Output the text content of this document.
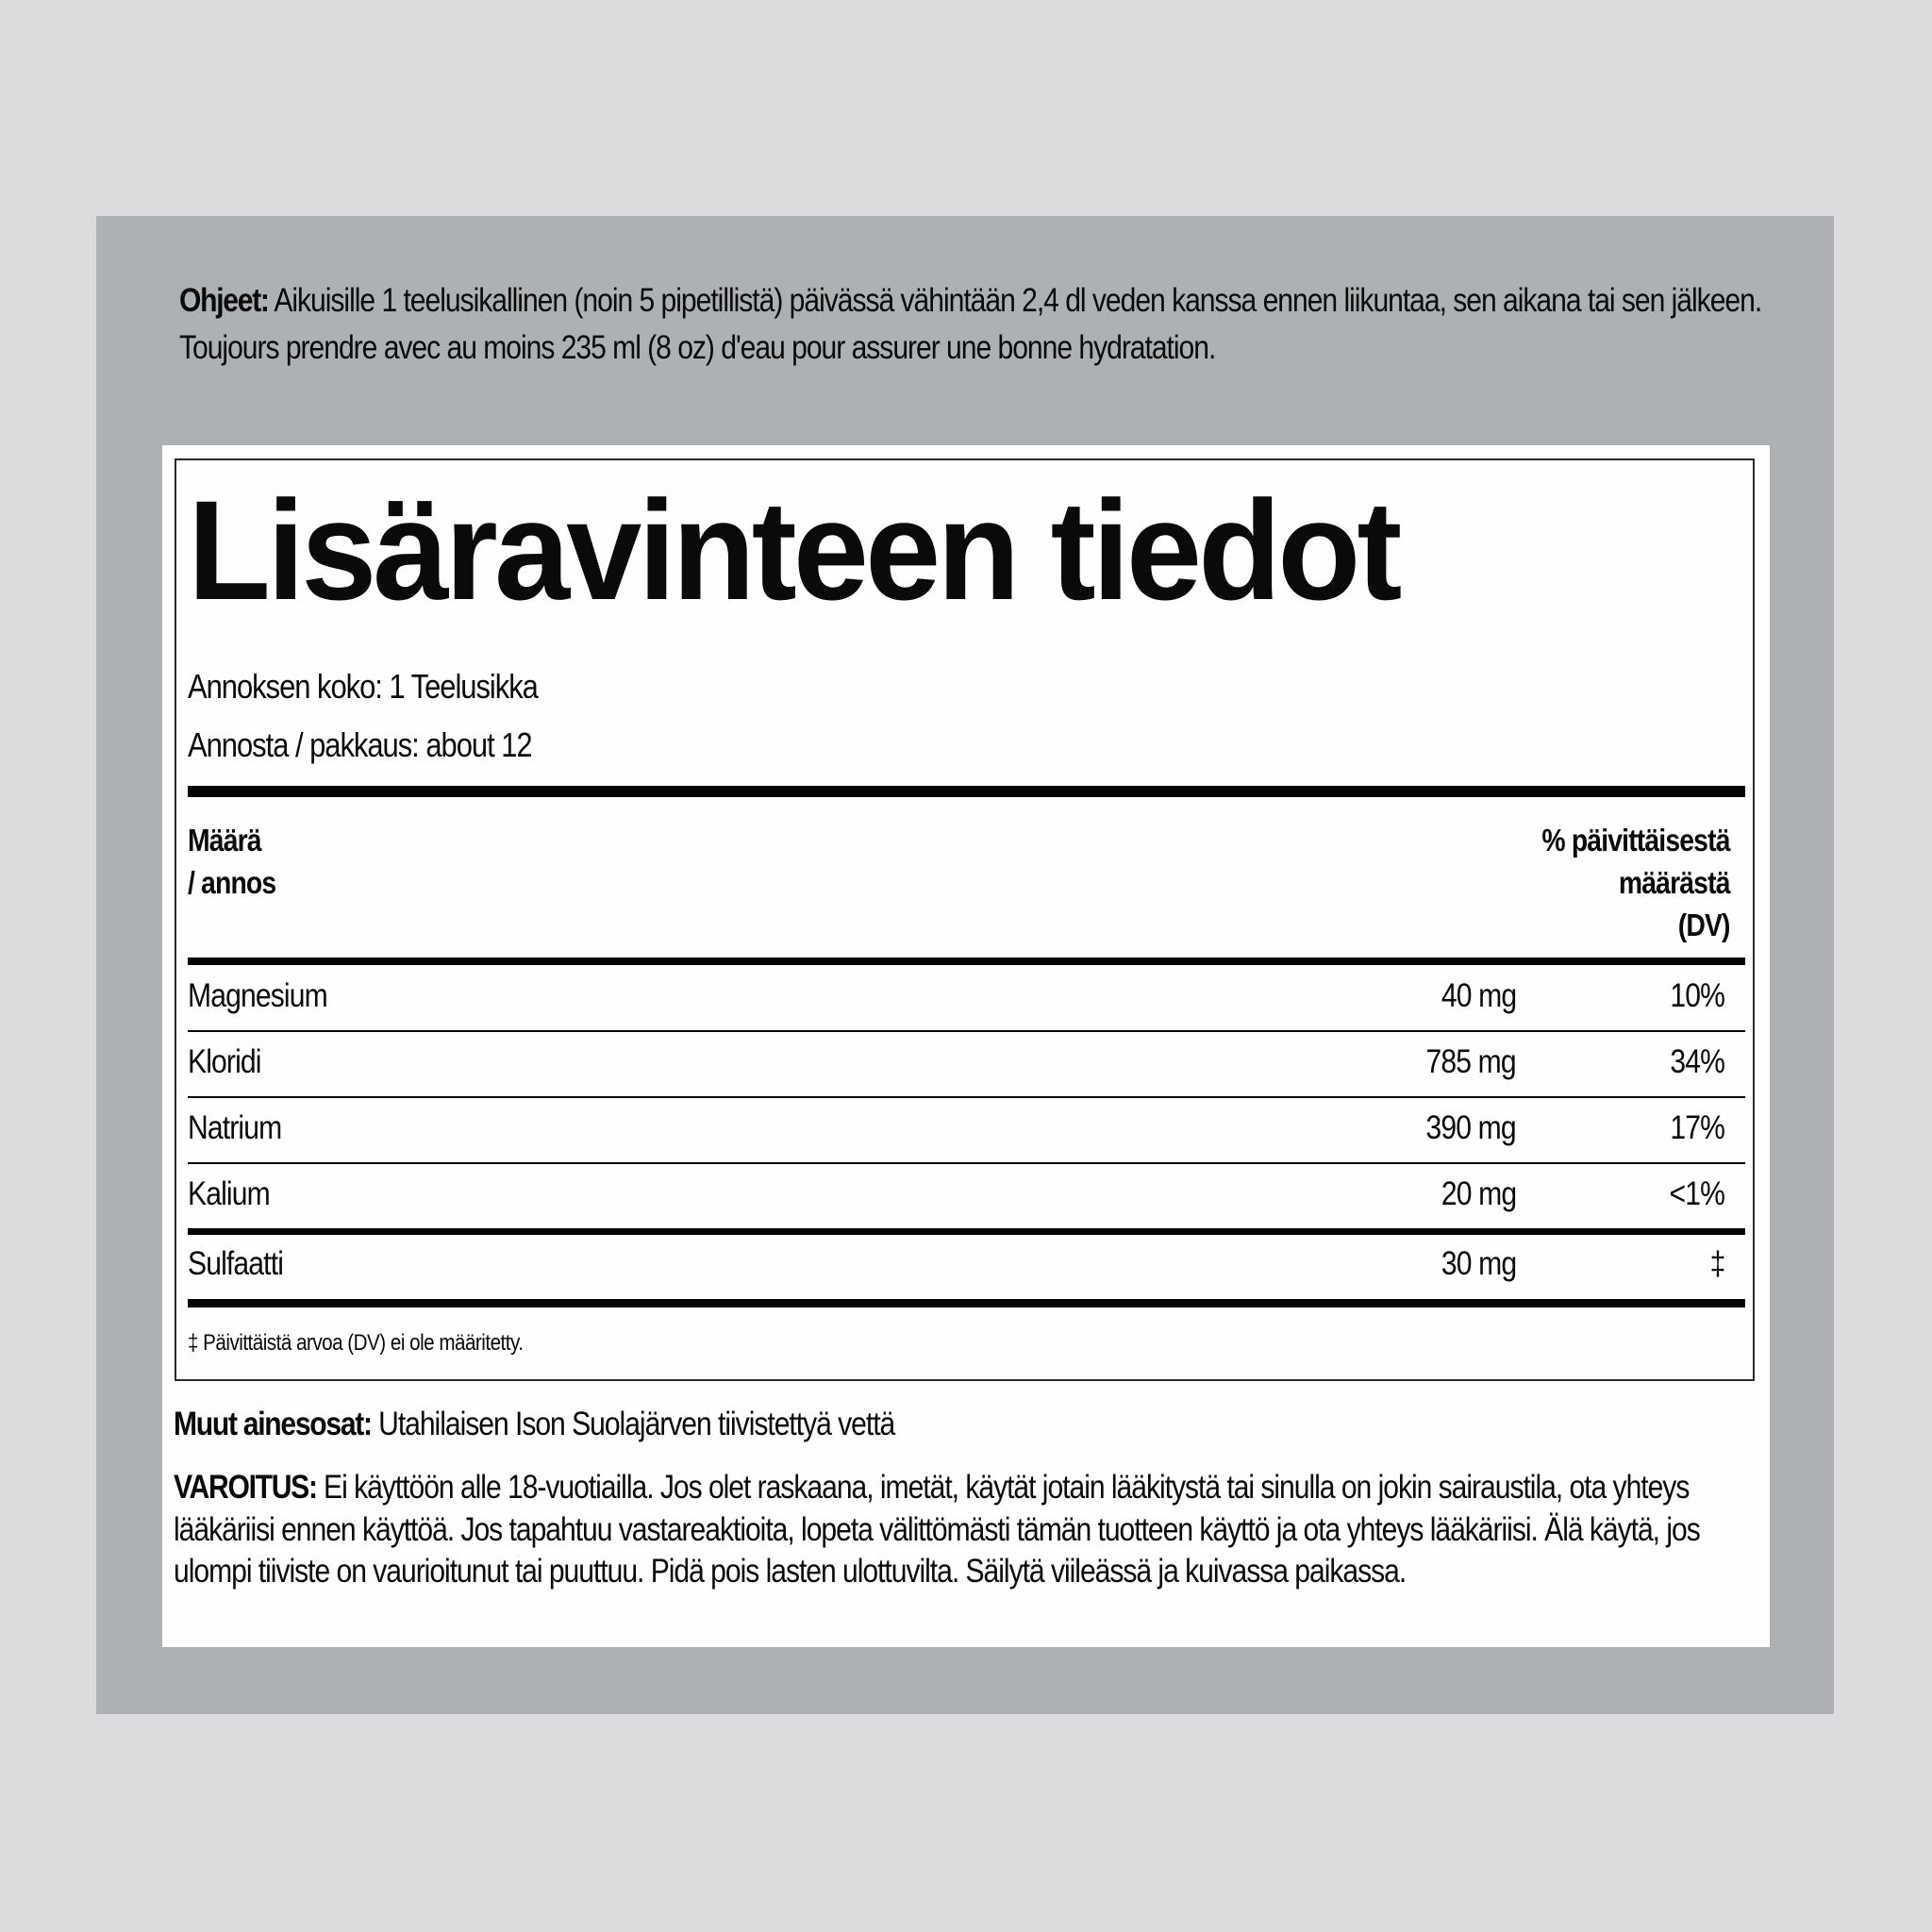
Ohjeet: Aikuisille 1 teelusikallinen (noin 5 pipetillistä) päivässä vähintään 2,4 dl veden kanssa ennen liikuntaa, sen aikana tai sen jälkeen. Toujours prendre avec au moins 235 ml (8 oz) d'eau pour assurer une bonne hydratation.
Lisäravinteen tiedot
Annoksen koko: 1 Teelusikka
Annosta / pakkaus: about 12
Määrä
/ annos
% päivittäisestä
määrästä
(DV)
Magnesium	40 mg	10%
Kloridi	785 mg	34%
Natrium	390 mg	17%
Kalium	20 mg	<1%
Sulfaatti	30 mg	‡
‡ Päivittäistä arvoa (DV) ei ole määritetty.
Muut ainesosat: Utahilaisen Ison Suolajärven tiivistettyä vettä
VAROITUS: Ei käyttöön alle 18-vuotiailla. Jos olet raskaana, imetät, käytät jotain lääkitystä tai sinulla on jokin sairaustila, ota yhteys lääkäriisi ennen käyttöä. Jos tapahtuu vastareaktioita, lopeta välittömästi tämän tuotteen käyttö ja ota yhteys lääkäriisi. Älä käytä, jos ulompi tiiviste on vaurioitunut tai puuttuu. Pidä pois lasten ulottuvilta. Säilytä viileässä ja kuivassa paikassa.
